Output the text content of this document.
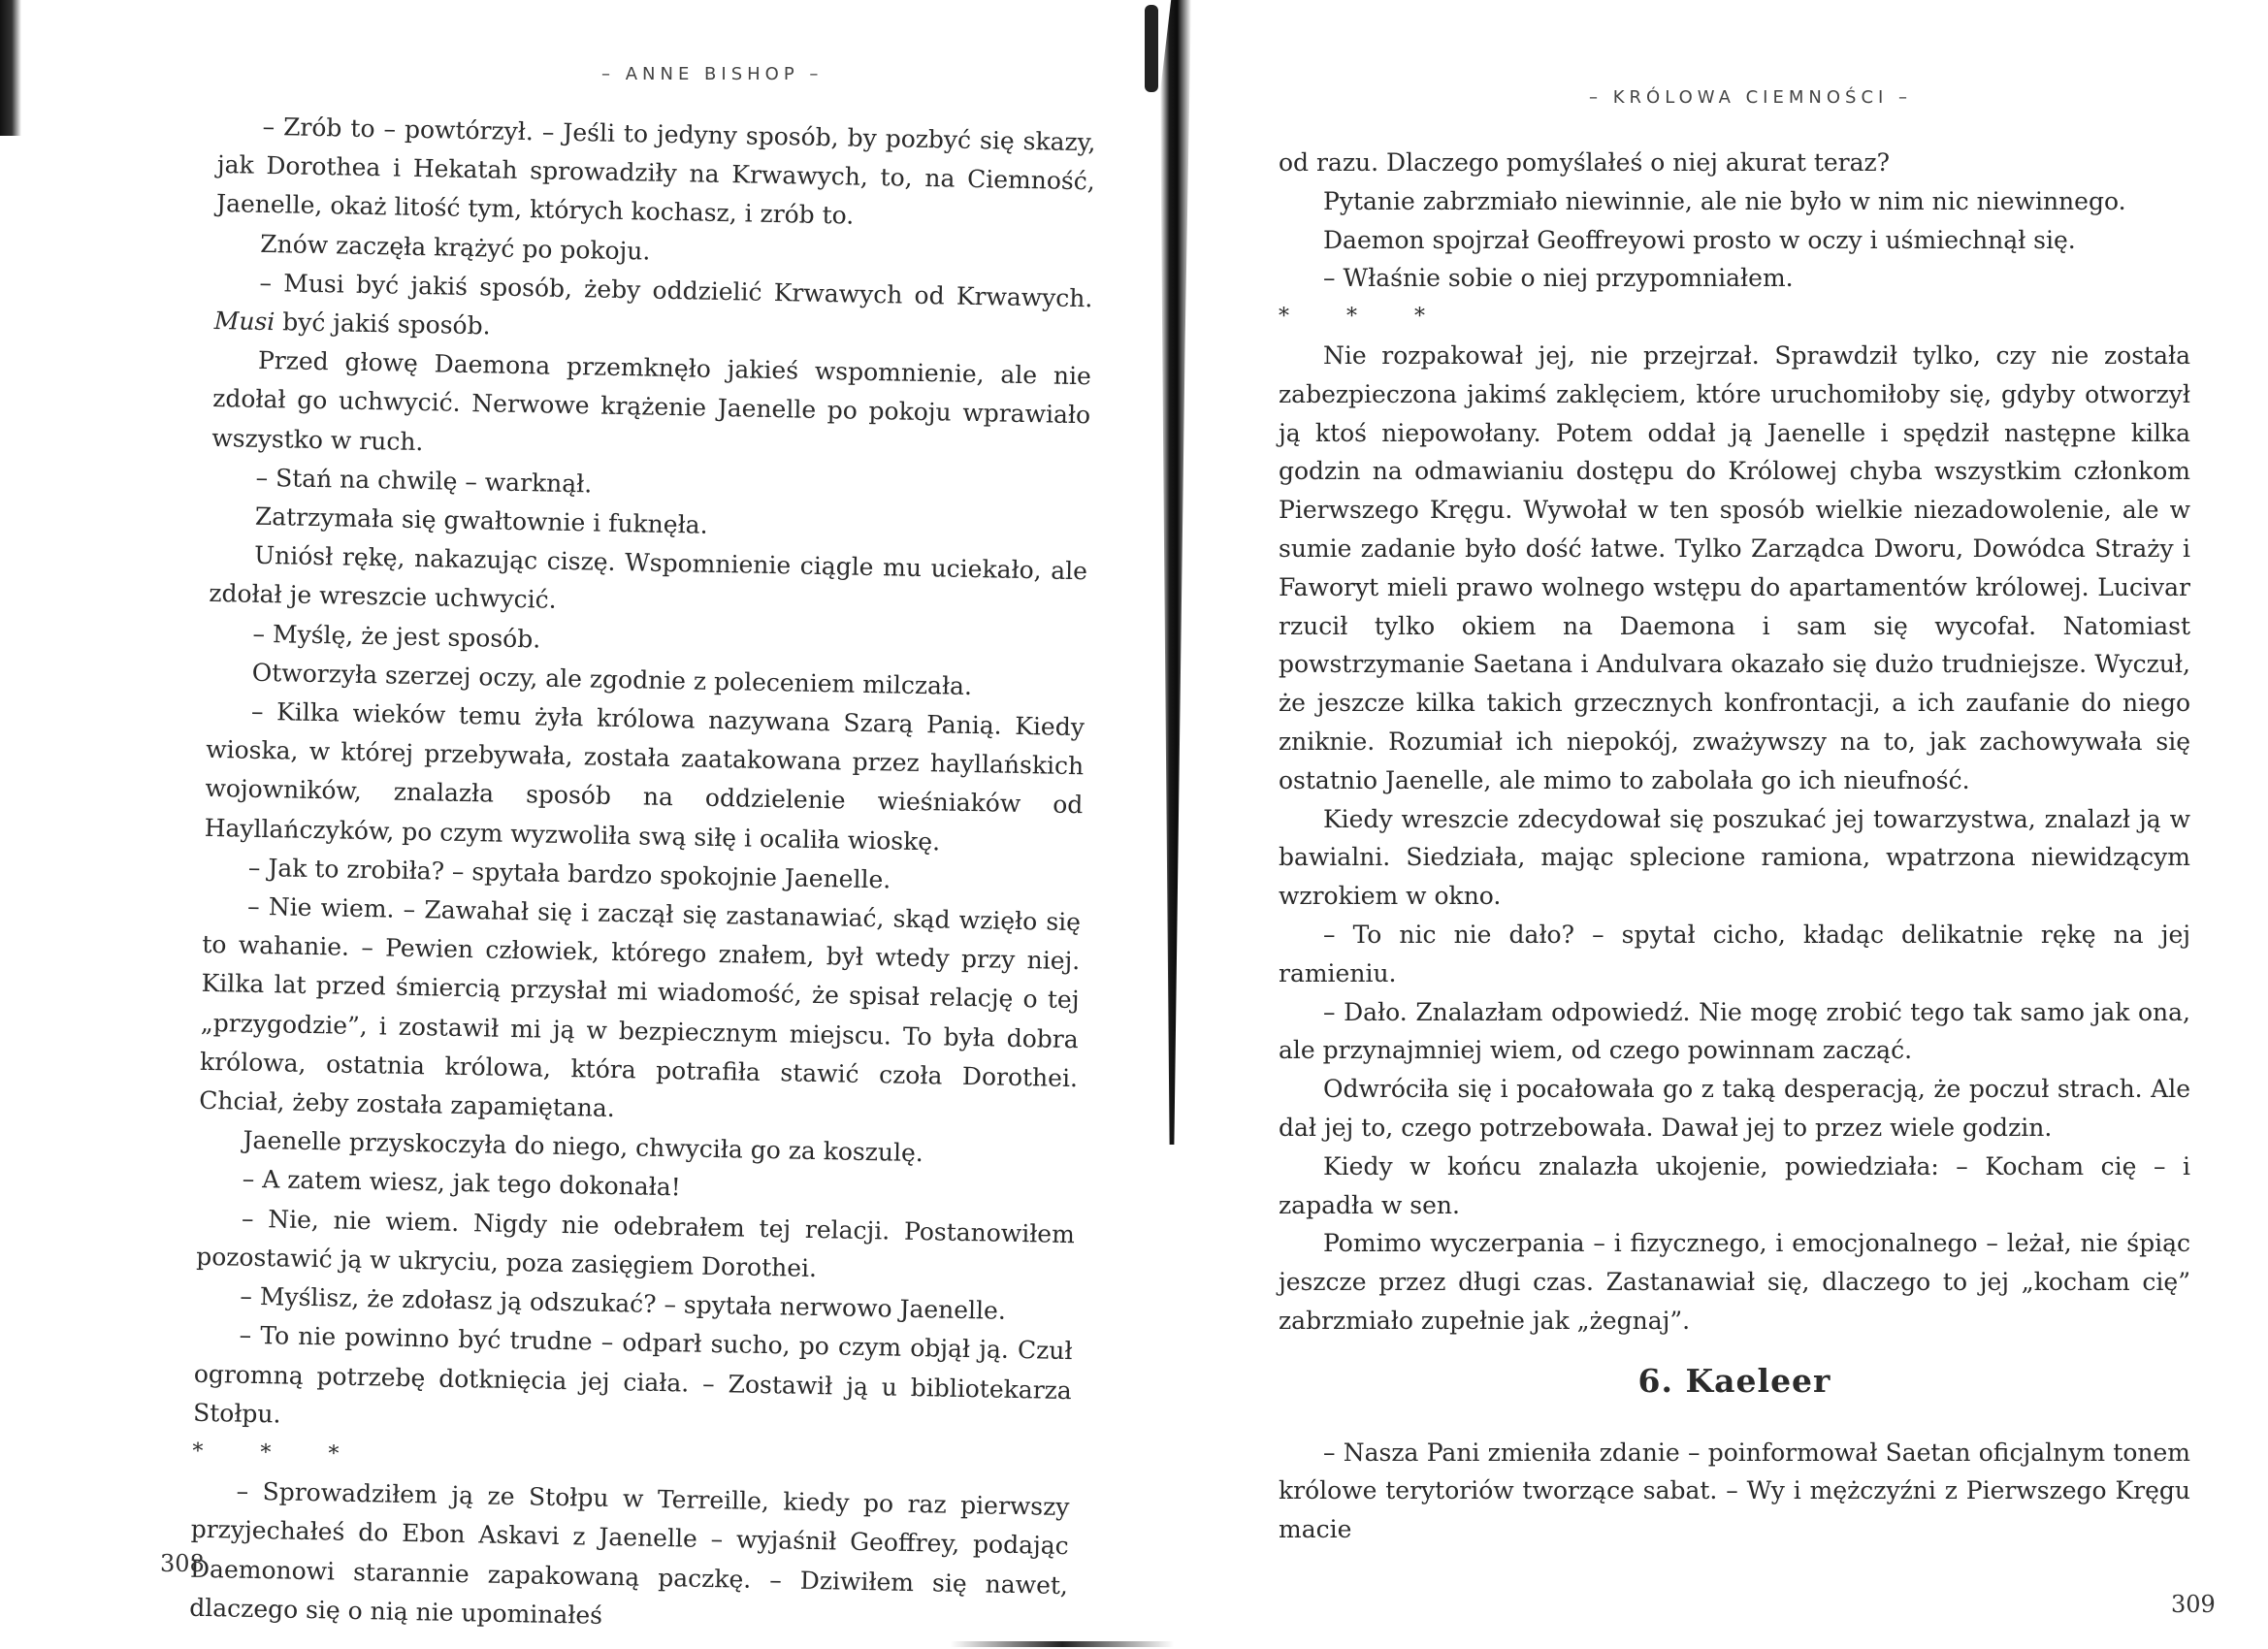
– ANNE BISHOP –

– Zrób to – powtórzył. – Jeśli to jedyny sposób, by pozbyć się skazy, jak Dorothea i Hekatah sprowadziły na Krwawych, to, na Ciemność, Jaenelle, okaż litość tym, których kochasz, i zrób to.

Znów zaczęła krążyć po pokoju.

– Musi być jakiś sposób, żeby oddzielić Krwawych od Krwawych. Musi być jakiś sposób.

Przed głowę Daemona przemknęło jakieś wspomnienie, ale nie zdołał go uchwycić. Nerwowe krążenie Jaenelle po pokoju wprawiało wszystko w ruch.

– Stań na chwilę – warknął.

Zatrzymała się gwałtownie i fuknęła.

Uniósł rękę, nakazując ciszę. Wspomnienie ciągle mu uciekało, ale zdołał je wreszcie uchwycić.

– Myślę, że jest sposób.

Otworzyła szerzej oczy, ale zgodnie z poleceniem milczała.

– Kilka wieków temu żyła królowa nazywana Szarą Panią. Kiedy wioska, w której przebywała, została zaatakowana przez hayllańskich wojowników, znalazła sposób na oddzielenie wieśniaków od Hayllańczyków, po czym wyzwoliła swą siłę i ocaliła wioskę.

– Jak to zrobiła? – spytała bardzo spokojnie Jaenelle.

– Nie wiem. – Zawahał się i zaczął się zastanawiać, skąd wzięło się to wahanie. – Pewien człowiek, którego znałem, był wtedy przy niej. Kilka lat przed śmiercią przysłał mi wiadomość, że spisał relację o tej „przygodzie”, i zostawił mi ją w bezpiecznym miejscu. To była dobra królowa, ostatnia królowa, która potrafiła stawić czoła Dorothei. Chciał, żeby została zapamiętana.

Jaenelle przyskoczyła do niego, chwyciła go za koszulę.

– A zatem wiesz, jak tego dokonała!

– Nie, nie wiem. Nigdy nie odebrałem tej relacji. Postanowiłem pozostawić ją w ukryciu, poza zasięgiem Dorothei.

– Myślisz, że zdołasz ją odszukać? – spytała nerwowo Jaenelle.

– To nie powinno być trudne – odparł sucho, po czym objął ją. Czuł ogromną potrzebę dotknięcia jej ciała. – Zostawił ją u bibliotekarza Stołpu.

* * *

– Sprowadziłem ją ze Stołpu w Terreille, kiedy po raz pierwszy przyjechałeś do Ebon Askavi z Jaenelle – wyjaśnił Geoffrey, podając Daemonowi starannie zapakowaną paczkę. – Dziwiłem się nawet, dlaczego się o nią nie upominałeś

308
– KRÓLOWA CIEMNOŚCI –

od razu. Dlaczego pomyślałeś o niej akurat teraz?

Pytanie zabrzmiało niewinnie, ale nie było w nim nic niewinnego.

Daemon spojrzał Geoffreyowi prosto w oczy i uśmiechnął się.

– Właśnie sobie o niej przypomniałem.

* * *

Nie rozpakował jej, nie przejrzał. Sprawdził tylko, czy nie została zabezpieczona jakimś zaklęciem, które uruchomiłoby się, gdyby otworzył ją ktoś niepowołany. Potem oddał ją Jaenelle i spędził następne kilka godzin na odmawianiu dostępu do Królowej chyba wszystkim członkom Pierwszego Kręgu. Wywołał w ten sposób wielkie niezadowolenie, ale w sumie zadanie było dość łatwe. Tylko Zarządca Dworu, Dowódca Straży i Faworyt mieli prawo wolnego wstępu do apartamentów królowej. Lucivar rzucił tylko okiem na Daemona i sam się wycofał. Natomiast powstrzymanie Saetana i Andulvara okazało się dużo trudniejsze. Wyczuł, że jeszcze kilka takich grzecznych konfrontacji, a ich zaufanie do niego zniknie. Rozumiał ich niepokój, zważywszy na to, jak zachowywała się ostatnio Jaenelle, ale mimo to zabolała go ich nieufność.

Kiedy wreszcie zdecydował się poszukać jej towarzystwa, znalazł ją w bawialni. Siedziała, mając splecione ramiona, wpatrzona niewidzącym wzrokiem w okno.

– To nic nie dało? – spytał cicho, kładąc delikatnie rękę na jej ramieniu.

– Dało. Znalazłam odpowiedź. Nie mogę zrobić tego tak samo jak ona, ale przynajmniej wiem, od czego powinnam zacząć.

Odwróciła się i pocałowała go z taką desperacją, że poczuł strach. Ale dał jej to, czego potrzebowała. Dawał jej to przez wiele godzin.

Kiedy w końcu znalazła ukojenie, powiedziała: – Kocham cię – i zapadła w sen.

Pomimo wyczerpania – i fizycznego, i emocjonalnego – leżał, nie śpiąc jeszcze przez długi czas. Zastanawiał się, dlaczego to jej „kocham cię” zabrzmiało zupełnie jak „żegnaj”.

6. Kaeleer

– Nasza Pani zmieniła zdanie – poinformował Saetan oficjalnym tonem królowe terytoriów tworzące sabat. – Wy i mężczyźni z Pierwszego Kręgu macie

309
